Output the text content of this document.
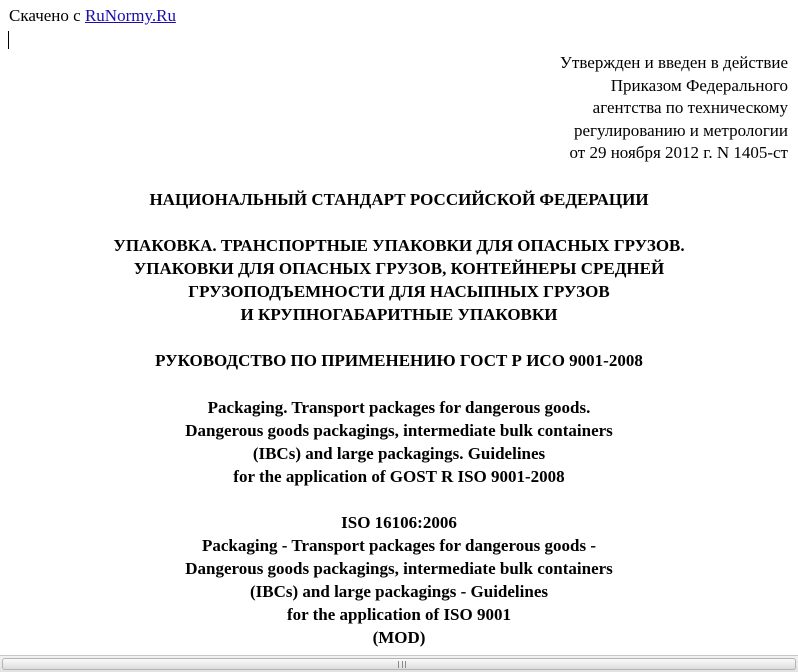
Скачено с RuNormy.Ru
Утвержден и введен в действие
Приказом Федерального
агентства по техническому
регулированию и метрологии
от 29 ноября 2012 г. N 1405-ст
НАЦИОНАЛЬНЫЙ СТАНДАРТ РОССИЙСКОЙ ФЕДЕРАЦИИ
УПАКОВКА. ТРАНСПОРТНЫЕ УПАКОВКИ ДЛЯ ОПАСНЫХ ГРУЗОВ.
УПАКОВКИ ДЛЯ ОПАСНЫХ ГРУЗОВ, КОНТЕЙНЕРЫ СРЕДНЕЙ
ГРУЗОПОДЪЕМНОСТИ ДЛЯ НАСЫПНЫХ ГРУЗОВ
И КРУПНОГАБАРИТНЫЕ УПАКОВКИ
РУКОВОДСТВО ПО ПРИМЕНЕНИЮ ГОСТ Р ИСО 9001-2008
Packaging. Transport packages for dangerous goods.
Dangerous goods packagings, intermediate bulk containers
(IBCs) and large packagings. Guidelines
for the application of GOST R ISO 9001-2008
ISO 16106:2006
Packaging - Transport packages for dangerous goods -
Dangerous goods packagings, intermediate bulk containers
(IBCs) and large packagings - Guidelines
for the application of ISO 9001
(MOD)
